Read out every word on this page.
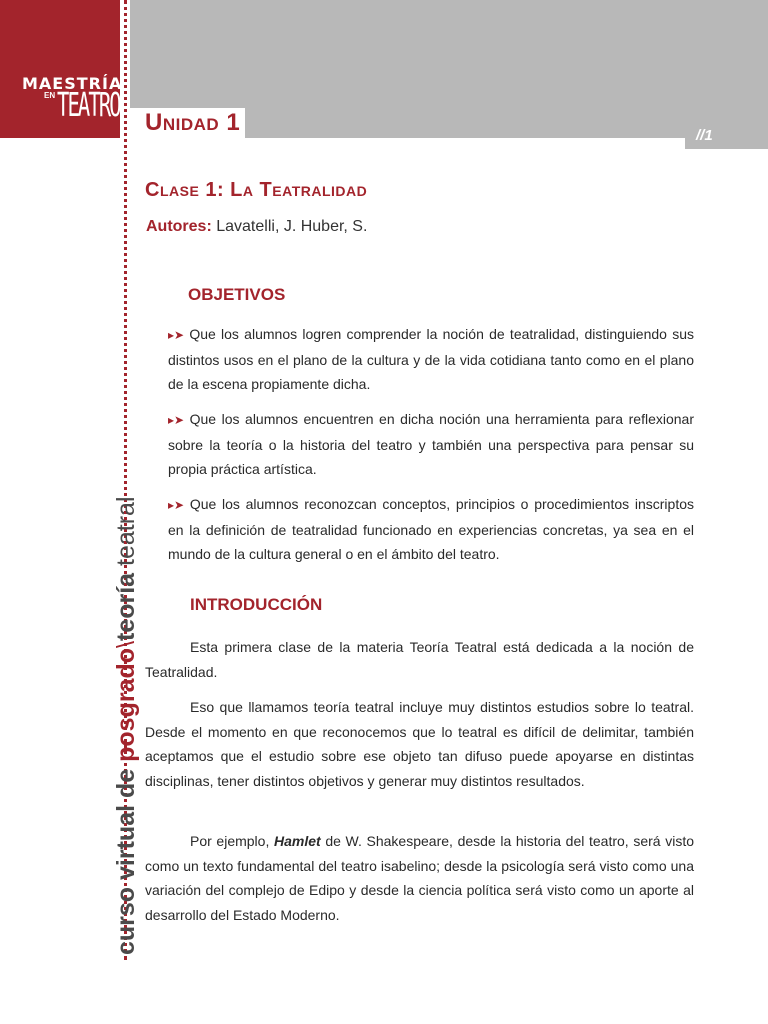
MAESTRÍA
EN TEATRO
//1
Unidad 1
curso virtual de posgrado\teoría teatral
Clase 1: La Teatralidad
Autores: Lavatelli, J. Huber, S.
OBJETIVOS
▸➤ Que los alumnos logren comprender la noción de teatralidad, distinguiendo sus distintos usos en el plano de la cultura y de la vida cotidiana tanto como en el plano de la escena propiamente dicha.
▸➤ Que los alumnos encuentren en dicha noción una herramienta para reflexionar sobre la teoría o la historia del teatro y también una perspectiva para pensar su propia práctica artística.
▸➤ Que los alumnos reconozcan conceptos, principios o procedimientos inscriptos en la definición de teatralidad funcionado en experiencias concretas, ya sea en el mundo de la cultura general o en el ámbito del teatro.
INTRODUCCIÓN
Esta primera clase de la materia Teoría Teatral está dedicada a la noción de Teatralidad.
Eso que llamamos teoría teatral incluye muy distintos estudios sobre lo teatral. Desde el momento en que reconocemos que lo teatral es difícil de delimitar, también aceptamos que el estudio sobre ese objeto tan difuso puede apoyarse en distintas disciplinas, tener distintos objetivos y generar muy distintos resultados.
Por ejemplo, Hamlet de W. Shakespeare, desde la historia del teatro, será visto como un texto fundamental del teatro isabelino; desde la psicología será visto como una variación del complejo de Edipo y desde la ciencia política será visto como un aporte al desarrollo del Estado Moderno.
